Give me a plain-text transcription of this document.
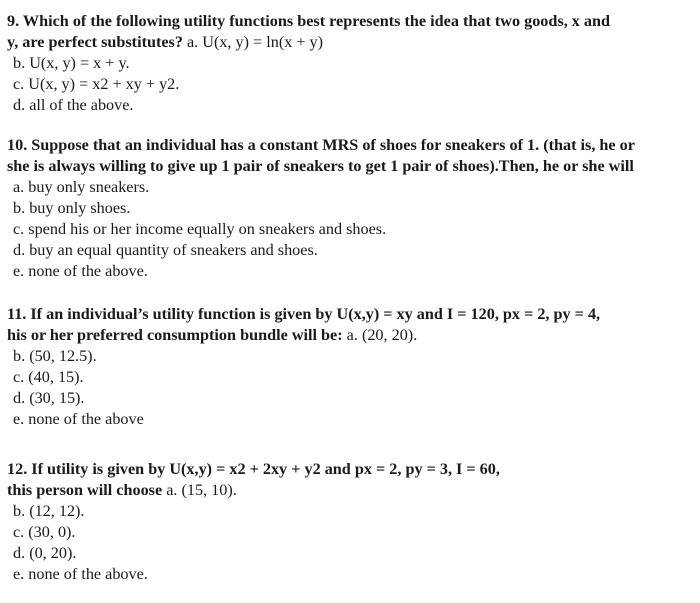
9. Which of the following utility functions best represents the idea that two goods, x and
y, are perfect substitutes? a. U(x, y) = ln(x + y)
b. U(x, y) = x + y.
c. U(x, y) = x2 + xy + y2.
d. all of the above.
10. Suppose that an individual has a constant MRS of shoes for sneakers of 1. (that is, he or
she is always willing to give up 1 pair of sneakers to get 1 pair of shoes).Then, he or she will
a. buy only sneakers.
b. buy only shoes.
c. spend his or her income equally on sneakers and shoes.
d. buy an equal quantity of sneakers and shoes.
e. none of the above.
11. If an individual’s utility function is given by U(x,y) = xy and I = 120, px = 2, py = 4,
his or her preferred consumption bundle will be: a. (20, 20).
b. (50, 12.5).
c. (40, 15).
d. (30, 15).
e. none of the above
12. If utility is given by U(x,y) = x2 + 2xy + y2 and px = 2, py = 3, I = 60,
this person will choose a. (15, 10).
b. (12, 12).
c. (30, 0).
d. (0, 20).
e. none of the above.
